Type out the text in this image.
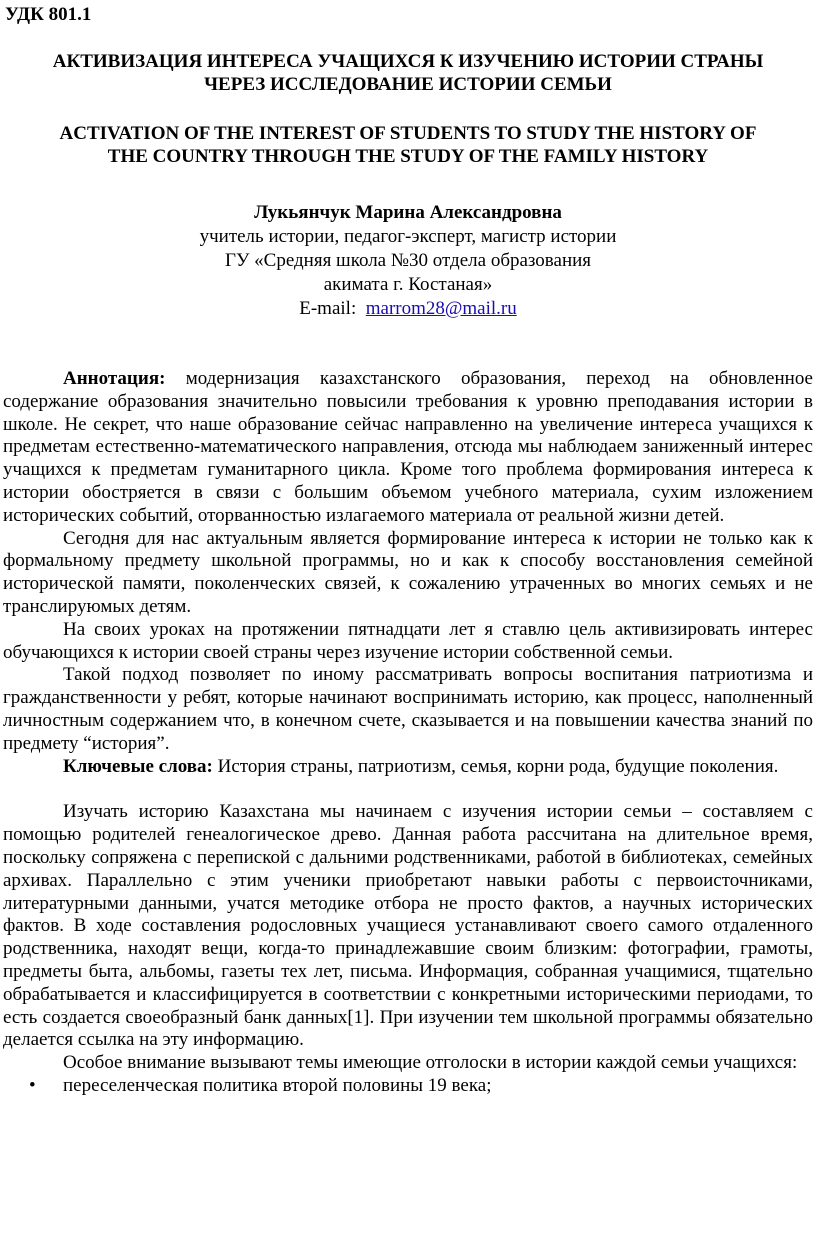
УДК 801.1
АКТИВИЗАЦИЯ ИНТЕРЕСА УЧАЩИХСЯ К ИЗУЧЕНИЮ ИСТОРИИ СТРАНЫ
ЧЕРЕЗ ИССЛЕДОВАНИЕ ИСТОРИИ СЕМЬИ
ACTIVATION OF THE INTEREST OF STUDENTS TO STUDY THE HISTORY OF
THE COUNTRY THROUGH THE STUDY OF THE FAMILY HISTORY
Лукьянчук Марина Александровна
учитель истории, педагог-эксперт, магистр истории
ГУ «Средняя школа №30 отдела образования
акимата г. Костаная»
E-mail: marrom28@mail.ru

Аннотация: модернизация казахстанского образования, переход на обновленное содержание образования значительно повысили требования к уровню преподавания истории в школе. Не секрет, что наше образование сейчас направленно на увеличение интереса учащихся к предметам естественно-математического направления, отсюда мы наблюдаем заниженный интерес учащихся к предметам гуманитарного цикла. Кроме того проблема формирования интереса к истории обостряется в связи с большим объемом учебного материала, сухим изложением исторических событий, оторванностью излагаемого материала от реальной жизни детей.

Сегодня для нас актуальным является формирование интереса к истории не только как к формальному предмету школьной программы, но и как к способу восстановления семейной исторической памяти, поколенческих связей, к сожалению утраченных во многих семьях и не транслируюмых детям.

На своих уроках на протяжении пятнадцати лет я ставлю цель активизировать интерес обучающихся к истории своей страны через изучение истории собственной семьи.

Такой подход позволяет по иному рассматривать вопросы воспитания патриотизма и гражданственности у ребят, которые начинают воспринимать историю, как процесс, наполненный личностным содержанием что, в конечном счете, сказывается и на повышении качества знаний по предмету “история”.

Ключевые слова: История страны, патриотизм, семья, корни рода, будущие поколения.

Изучать историю Казахстана мы начинаем с изучения истории семьи – составляем с помощью родителей генеалогическое древо. Данная работа рассчитана на длительное время, поскольку сопряжена с перепиской с дальними родственниками, работой в библиотеках, семейных архивах. Параллельно с этим ученики приобретают навыки работы с первоисточниками, литературными данными, учатся методике отбора не просто фактов, а научных исторических фактов. В ходе составления родословных учащиеся устанавливают своего самого отдаленного родственника, находят вещи, когда-то принадлежавшие своим близким: фотографии, грамоты, предметы быта, альбомы, газеты тех лет, письма. Информация, собранная учащимися, тщательно обрабатывается и классифицируется в соответствии с конкретными историческими периодами, то есть создается своеобразный банк данных[1]. При изучении тем школьной программы обязательно делается ссылка на эту информацию.

Особое внимание вызывают темы имеющие отголоски в истории каждой семьи учащихся:

• переселенческая политика второй половины 19 века;
